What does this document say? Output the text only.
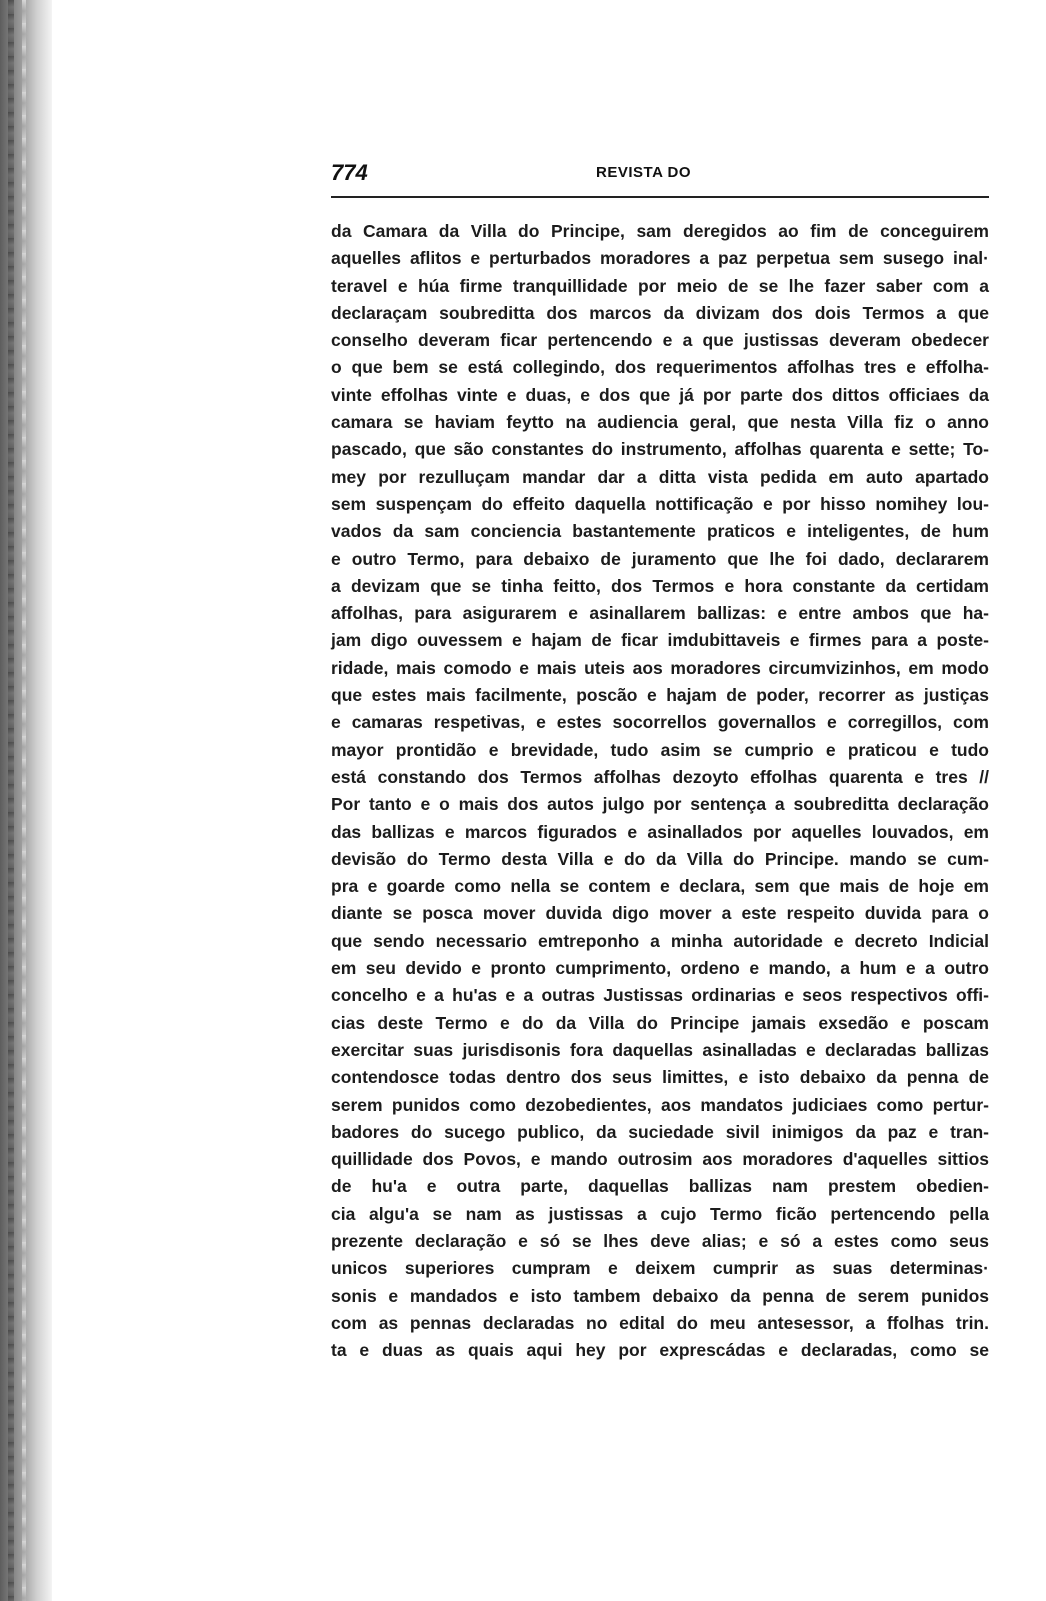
774	REVISTA DO
da Camara da Villa do Principe, sam deregidos ao fim de conceguirem
aquelles aflitos e perturbados moradores a paz perpetua sem susego inal·
teravel e húa firme tranquillidade por meio de se lhe fazer saber com a
declaraçam soubreditta dos marcos da divizam dos dois Termos a que
conselho deveram ficar pertencendo e a que justissas deveram obedecer
o que bem se está collegindo, dos requerimentos affolhas tres e effolha-
vinte effolhas vinte e duas, e dos que já por parte dos dittos officiaes da
camara se haviam feytto na audiencia geral, que nesta Villa fiz o anno
pascado, que são constantes do instrumento, affolhas quarenta e sette; To-
mey por rezulluçam mandar dar a ditta vista pedida em auto apartado
sem suspençam do effeito daquella nottificação e por hisso nomihey lou-
vados da sam conciencia bastantemente praticos e inteligentes, de hum
e outro Termo, para debaixo de juramento que lhe foi dado, declararem
a devizam que se tinha feitto, dos Termos e hora constante da certidam
affolhas, para asigurarem e asinallarem ballizas: e entre ambos que ha-
jam digo ouvessem e hajam de ficar imdubittaveis e firmes para a poste-
ridade, mais comodo e mais uteis aos moradores circumvizinhos, em modo
que estes mais facilmente, poscão e hajam de poder, recorrer as justiças
e camaras respetivas, e estes socorrellos governallos e corregillos, com
mayor prontidão e brevidade, tudo asim se cumprio e praticou e tudo
está constando dos Termos affolhas dezoyto effolhas quarenta e tres //
Por tanto e o mais dos autos julgo por sentença a soubreditta declaração
das ballizas e marcos figurados e asinallados por aquelles louvados, em
devisão do Termo desta Villa e do da Villa do Principe. mando se cum-
pra e goarde como nella se contem e declara, sem que mais de hoje em
diante se posca mover duvida digo mover a este respeito duvida para o
que sendo necessario emtreponho a minha autoridade e decreto Indicial
em seu devido e pronto cumprimento, ordeno e mando, a hum e a outro
concelho e a hu'as e a outras Justissas ordinarias e seos respectivos offi-
cias deste Termo e do da Villa do Principe jamais exsedão e poscam
exercitar suas jurisdisonis fora daquellas asinalladas e declaradas ballizas
contendosce todas dentro dos seus limittes, e isto debaixo da penna de
serem punidos como dezobedientes, aos mandatos judiciaes como pertur-
badores do sucego publico, da suciedade sivil inimigos da paz e tran-
quillidade dos Povos, e mando outrosim aos moradores d'aquelles sittios
de hu'a e outra parte, daquellas ballizas nam prestem obedien-
cia algu'a se nam as justissas a cujo Termo ficão pertencendo pella
prezente declaração e só se lhes deve alias; e só a estes como seus
unicos superiores cumpram e deixem cumprir as suas determinas·
sonis e mandados e isto tambem debaixo da penna de serem punidos
com as pennas declaradas no edital do meu antesessor, a ffolhas trin.
ta e duas as quais aqui hey por exprescádas e declaradas, como se
